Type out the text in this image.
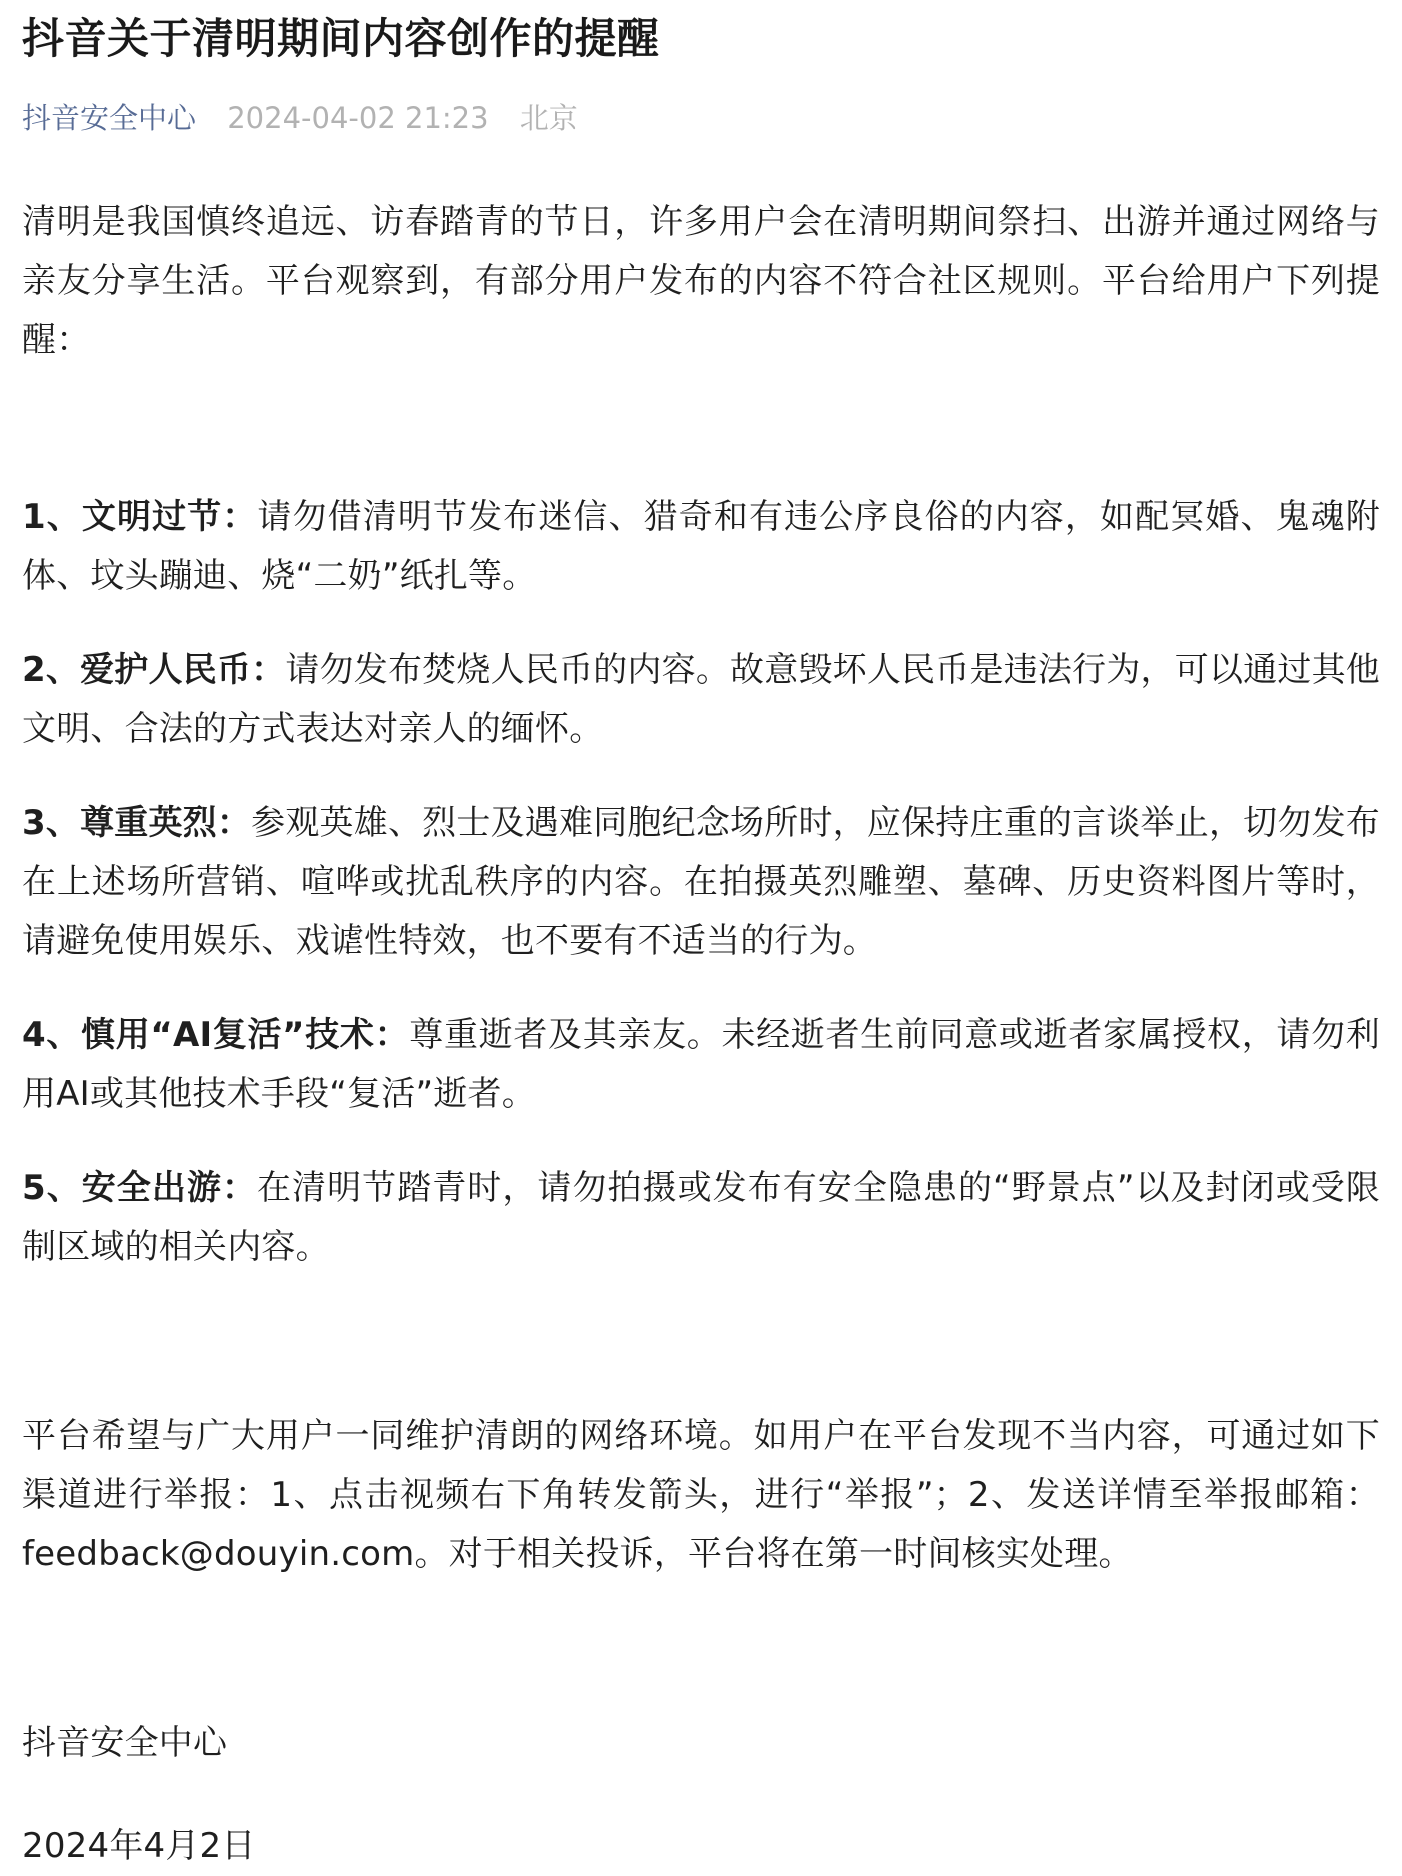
抖音关于清明期间内容创作的提醒
抖音安全中心 2024-04-02 21:23 北京

清明是我国慎终追远、访春踏青的节日，许多用户会在清明期间祭扫、出游并通过网络与亲友分享生活。平台观察到，有部分用户发布的内容不符合社区规则。平台给用户下列提醒：

1、文明过节：请勿借清明节发布迷信、猎奇和有违公序良俗的内容，如配冥婚、鬼魂附体、坟头蹦迪、烧“二奶”纸扎等。

2、爱护人民币：请勿发布焚烧人民币的内容。故意毁坏人民币是违法行为，可以通过其他文明、合法的方式表达对亲人的缅怀。

3、尊重英烈：参观英雄、烈士及遇难同胞纪念场所时，应保持庄重的言谈举止，切勿发布在上述场所营销、喧哗或扰乱秩序的内容。在拍摄英烈雕塑、墓碑、历史资料图片等时，请避免使用娱乐、戏谑性特效，也不要有不适当的行为。

4、慎用“AI复活”技术：尊重逝者及其亲友。未经逝者生前同意或逝者家属授权，请勿利用AI或其他技术手段“复活”逝者。

5、安全出游：在清明节踏青时，请勿拍摄或发布有安全隐患的“野景点”以及封闭或受限制区域的相关内容。

平台希望与广大用户一同维护清朗的网络环境。如用户在平台发现不当内容，可通过如下渠道进行举报：1、点击视频右下角转发箭头，进行“举报”；2、发送详情至举报邮箱：feedback@douyin.com。对于相关投诉，平台将在第一时间核实处理。

抖音安全中心

2024年4月2日
